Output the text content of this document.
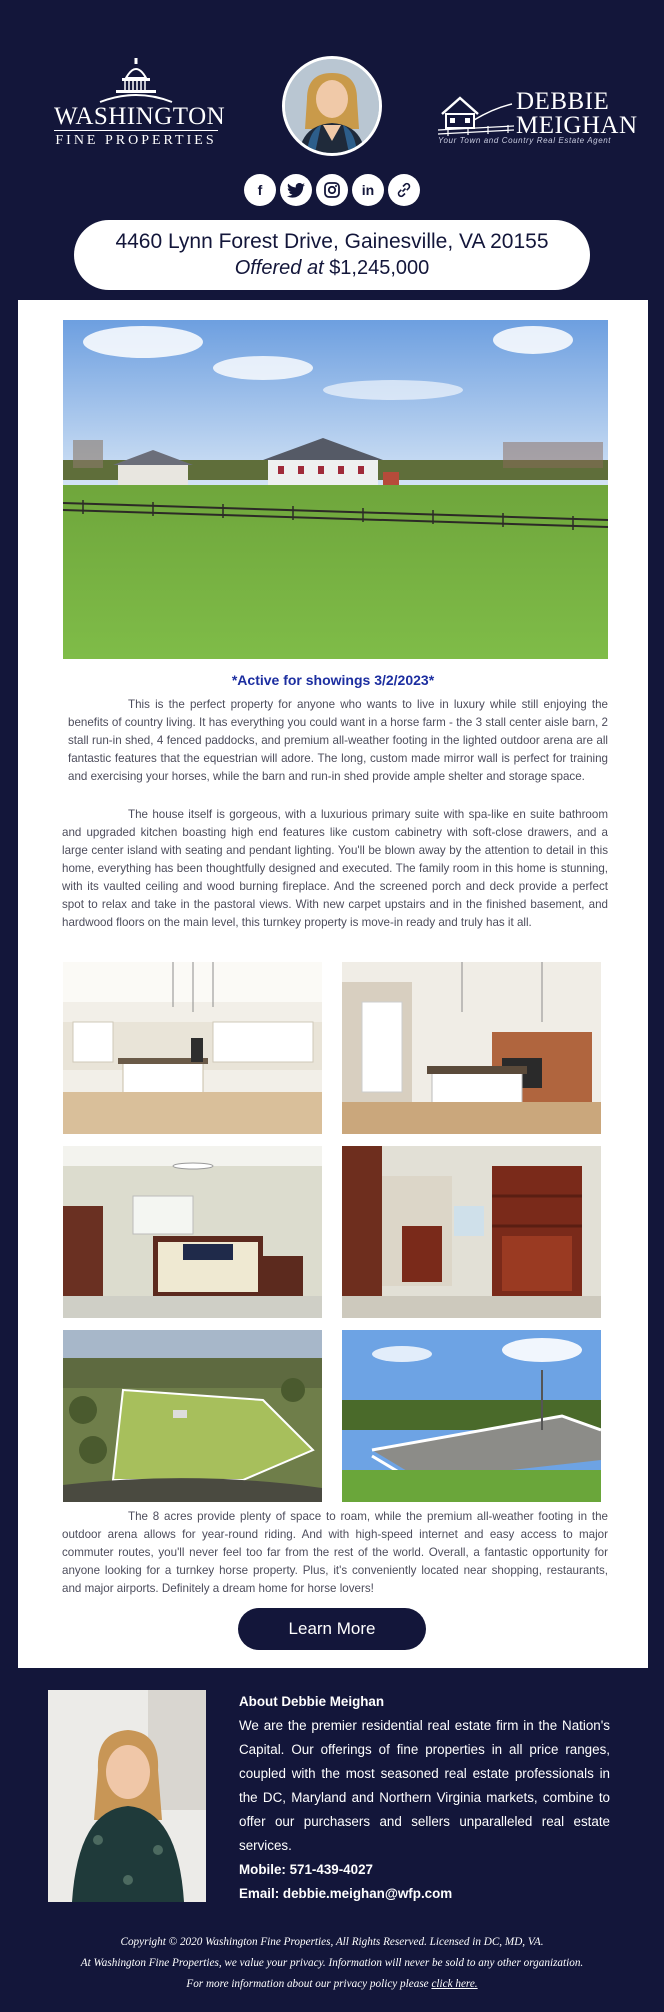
WASHINGTON
FINE PROPERTIES
DEBBIE
MEIGHAN
Your Town and Country Real Estate Agent
f	in
4460 Lynn Forest Drive, Gainesville, VA 20155
Offered at $1,245,000
*Active for showings 3/2/2023*
This is the perfect property for anyone who wants to live in luxury while still enjoying the benefits of country living. It has everything you could want in a horse farm - the 3 stall center aisle barn, 2 stall run-in shed, 4 fenced paddocks, and premium all-weather footing in the lighted outdoor arena are all fantastic features that the equestrian will adore. The long, custom made mirror wall is perfect for training and exercising your horses, while the barn and run-in shed provide ample shelter and storage space.
The house itself is gorgeous, with a luxurious primary suite with spa-like en suite bathroom and upgraded kitchen boasting high end features like custom cabinetry with soft-close drawers, and a large center island with seating and pendant lighting. You'll be blown away by the attention to detail in this home, everything has been thoughtfully designed and executed. The family room in this home is stunning, with its vaulted ceiling and wood burning fireplace. And the screened porch and deck provide a perfect spot to relax and take in the pastoral views. With new carpet upstairs and in the finished basement, and hardwood floors on the main level, this turnkey property is move-in ready and truly has it all.
The 8 acres provide plenty of space to roam, while the premium all-weather footing in the outdoor arena allows for year-round riding. And with high-speed internet and easy access to major commuter routes, you'll never feel too far from the rest of the world. Overall, a fantastic opportunity for anyone looking for a turnkey horse property. Plus, it's conveniently located near shopping, restaurants, and major airports. Definitely a dream home for horse lovers!
Learn More
About Debbie Meighan
We are the premier residential real estate firm in the Nation's Capital. Our offerings of fine properties in all price ranges, coupled with the most seasoned real estate professionals in the DC, Maryland and Northern Virginia markets, combine to offer our purchasers and sellers unparalleled real estate services.
Mobile: 571-439-4027
Email: debbie.meighan@wfp.com
Copyright © 2020 Washington Fine Properties, All Rights Reserved. Licensed in DC, MD, VA.
At Washington Fine Properties, we value your privacy. Information will never be sold to any other organization.
For more information about our privacy policy please click here.
